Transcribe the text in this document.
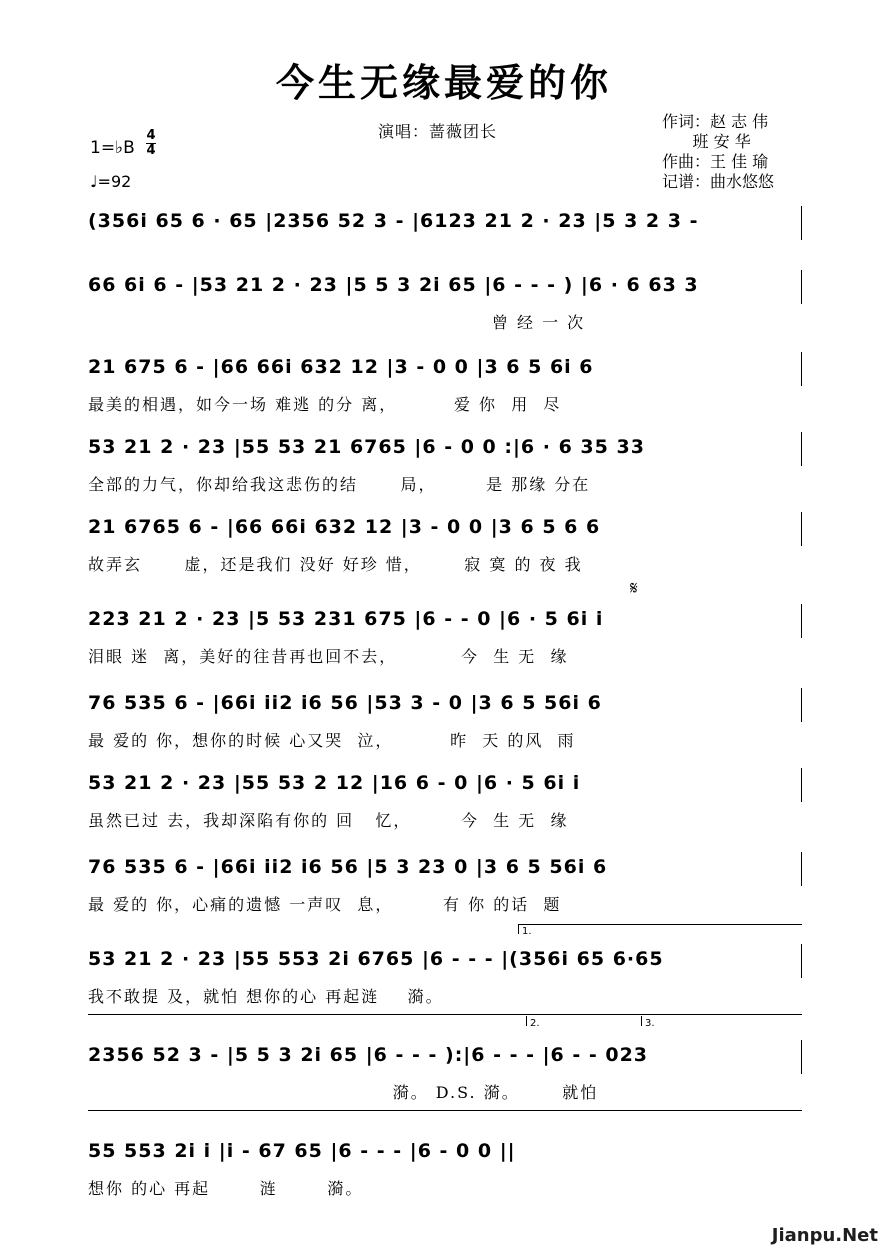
今生无缘最爱的你
演唱：蔷薇团长
作词：赵 志 伟
班 安 华
作曲：王 佳 瑜
记谱：曲水悠悠
1=♭B
4
4
♩=92
(356i 65 6 · 65 |2356 52 3 - |6123 21 2 · 23 |5 3 2 3 -
66 6i 6 - |53 21 2 · 23 |5 5 3 2i 65 |6 - - - ) |6 · 6 63 3
曾 经 一 次
21 675 6 - |66 66i 632 12 |3 - 0 0 |3 6 5 6i 6
最美的相遇，如今一场 难逃 的分 离，        爱 你  用  尽
53 21 2 · 23 |55 53 21 6765 |6 - 0 0 :|6 · 6 35 33
全部的力气，你却给我这悲伤的结      局，       是 那缘 分在
21 6765 6 - |66 66i 632 12 |3 - 0 0 |3 6 5 6 6
故弄玄      虚，还是我们 没好 好珍 惜，      寂 寞 的 夜 我
𝄋
223 21 2 · 23 |5 53 231 675 |6 - - 0 |6 · 5 6i i
泪眼 迷  离，美好的往昔再也回不去，         今  生 无  缘
76 535 6 - |66i ii2 i6 56 |53 3 - 0 |3 6 5 56i 6
最 爱的 你，想你的时候 心又哭  泣，        昨  天 的风  雨
53 21 2 · 23 |55 53 2 12 |16 6 - 0 |6 · 5 6i i
虽然已过 去，我却深陷有你的 回   忆，       今  生 无  缘
76 535 6 - |66i ii2 i6 56 |5 3 23 0 |3 6 5 56i 6
最 爱的 你，心痛的遗憾 一声叹  息，       有 你 的话  题
1.
53 21 2 · 23 |55 553 2i 6765 |6 - - - |(356i 65 6·65
我不敢提 及，就怕 想你的心 再起涟    漪。
2.	3.
2356 52 3 - |5 5 3 2i 65 |6 - - - ):|6 - - - |6 - - 023
漪。 D.S. 漪。      就怕
55 553 2i i |i - 67 65 |6 - - - |6 - 0 0 ||
想你 的心 再起       涟       漪。
Jianpu.Net
